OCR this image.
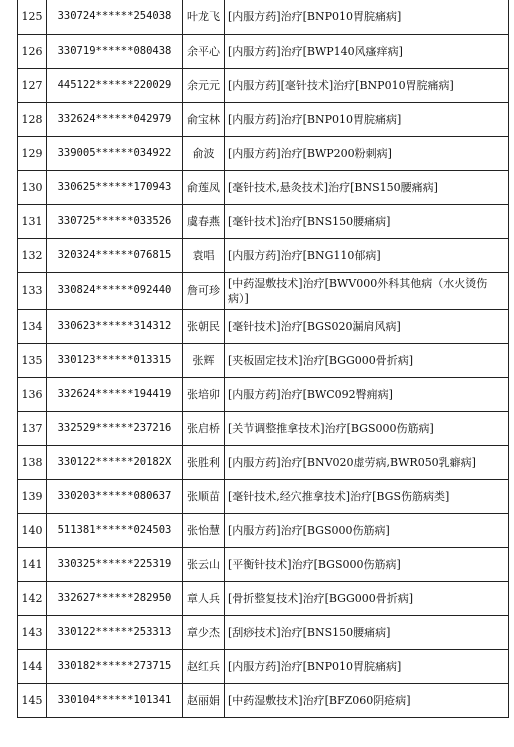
125	330724******254038	叶龙飞	[内服方药]治疗[BNP010胃脘痛病]
126	330719******080438	余平心	[内服方药]治疗[BWP140风瘙痒病]
127	445122******220029	余元元	[内服方药][毫针技术]治疗[BNP010胃脘痛病]
128	332624******042979	俞宝林	[内服方药]治疗[BNP010胃脘痛病]
129	339005******034922	俞波	[内服方药]治疗[BWP200粉刺病]
130	330625******170943	俞莲凤	[毫针技术,悬灸技术]治疗[BNS150腰痛病]
131	330725******033526	虞春燕	[毫针技术]治疗[BNS150腰痛病]
132	320324******076815	袁唱	[内服方药]治疗[BNG110郁病]
133	330824******092440	詹可珍	[中药湿敷技术]治疗[BWV000外科其他病（水火烫伤病）]
134	330623******314312	张朝民	[毫针技术]治疗[BGS020漏肩风病]
135	330123******013315	张辉	[夹板固定技术]治疗[BGG000骨折病]
136	332624******194419	张培卯	[内服方药]治疗[BWC092臀痈病]
137	332529******237216	张启桥	[关节调整推拿技术]治疗[BGS000伤筋病]
138	330122******20182X	张胜利	[内服方药]治疗[BNV020虚劳病,BWR050乳癖病]
139	330203******080637	张顺苗	[毫针技术,经穴推拿技术]治疗[BGS伤筋病类]
140	511381******024503	张怡慧	[内服方药]治疗[BGS000伤筋病]
141	330325******225319	张云山	[平衡针技术]治疗[BGS000伤筋病]
142	332627******282950	章人兵	[骨折整复技术]治疗[BGG000骨折病]
143	330122******253313	章少杰	[刮痧技术]治疗[BNS150腰痛病]
144	330182******273715	赵红兵	[内服方药]治疗[BNP010胃脘痛病]
145	330104******101341	赵丽娟	[中药湿敷技术]治疗[BFZ060阴疮病]
